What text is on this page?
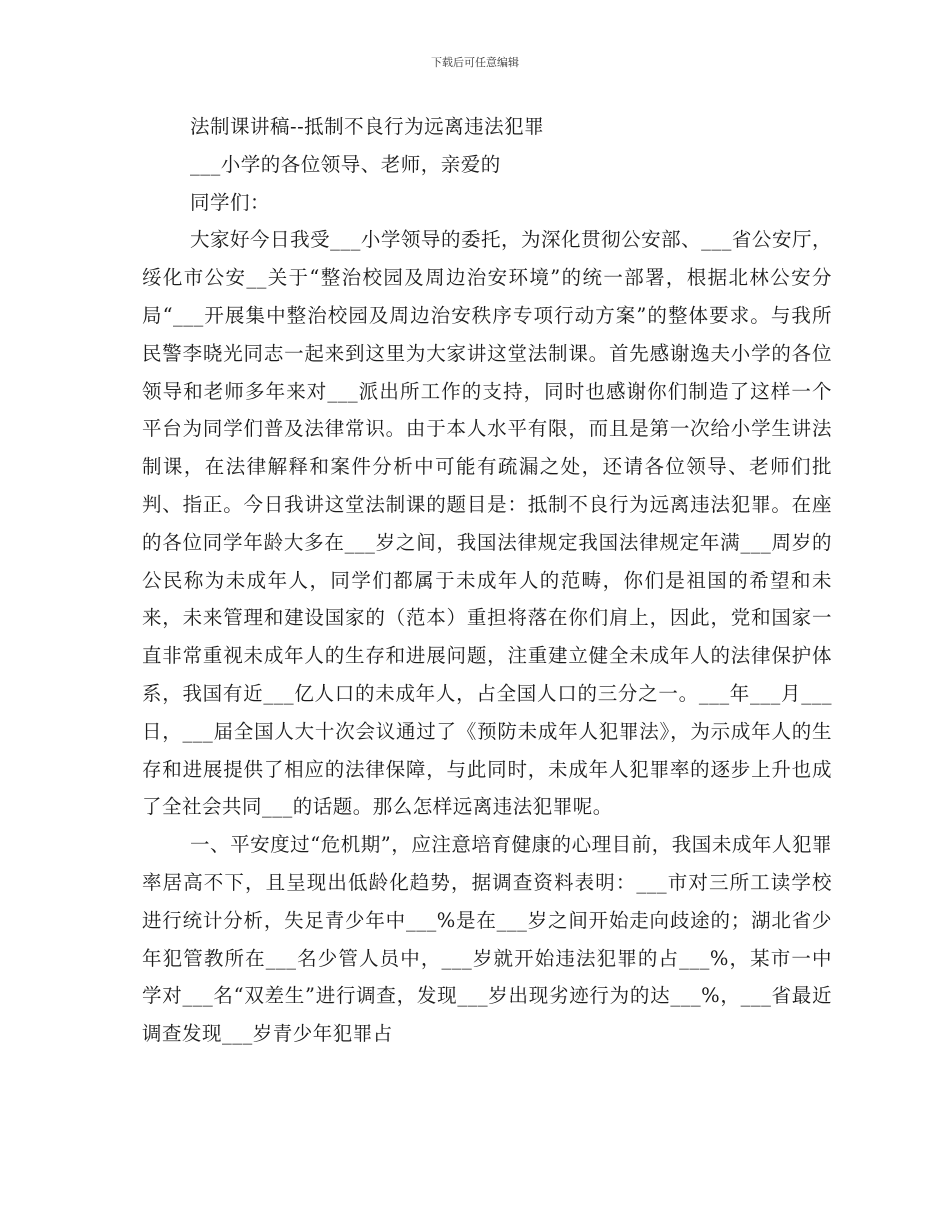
下载后可任意编辑

法制课讲稿--抵制不良行为远离违法犯罪

___小学的各位领导、老师，亲爱的

同学们：

大家好今日我受___小学领导的委托，为深化贯彻公安部、___省公安厅，绥化市公安__关于“整治校园及周边治安环境”的统一部署，根据北林公安分局“___开展集中整治校园及周边治安秩序专项行动方案”的整体要求。与我所民警李晓光同志一起来到这里为大家讲这堂法制课。首先感谢逸夫小学的各位领导和老师多年来对___派出所工作的支持，同时也感谢你们制造了这样一个平台为同学们普及法律常识。由于本人水平有限，而且是第一次给小学生讲法制课，在法律解释和案件分析中可能有疏漏之处，还请各位领导、老师们批判、指正。今日我讲这堂法制课的题目是：抵制不良行为远离违法犯罪。在座的各位同学年龄大多在___岁之间，我国法律规定我国法律规定年满___周岁的公民称为未成年人，同学们都属于未成年人的范畴，你们是祖国的希望和未来，未来管理和建设国家的（范本）重担将落在你们肩上，因此，党和国家一直非常重视未成年人的生存和进展问题，注重建立健全未成年人的法律保护体系，我国有近___亿人口的未成年人，占全国人口的三分之一。___年___月___日，___届全国人大十次会议通过了《预防未成年人犯罪法》，为示成年人的生存和进展提供了相应的法律保障，与此同时，未成年人犯罪率的逐步上升也成了全社会共同___的话题。那么怎样远离违法犯罪呢。

一、平安度过“危机期”，应注意培育健康的心理目前，我国未成年人犯罪率居高不下，且呈现出低龄化趋势，据调查资料表明：___市对三所工读学校进行统计分析，失足青少年中___%是在___岁之间开始走向歧途的；湖北省少年犯管教所在___名少管人员中，___岁就开始违法犯罪的占___%，某市一中学对___名“双差生”进行调查，发现___岁出现劣迹行为的达___%，___省最近调查发现___岁青少年犯罪占
